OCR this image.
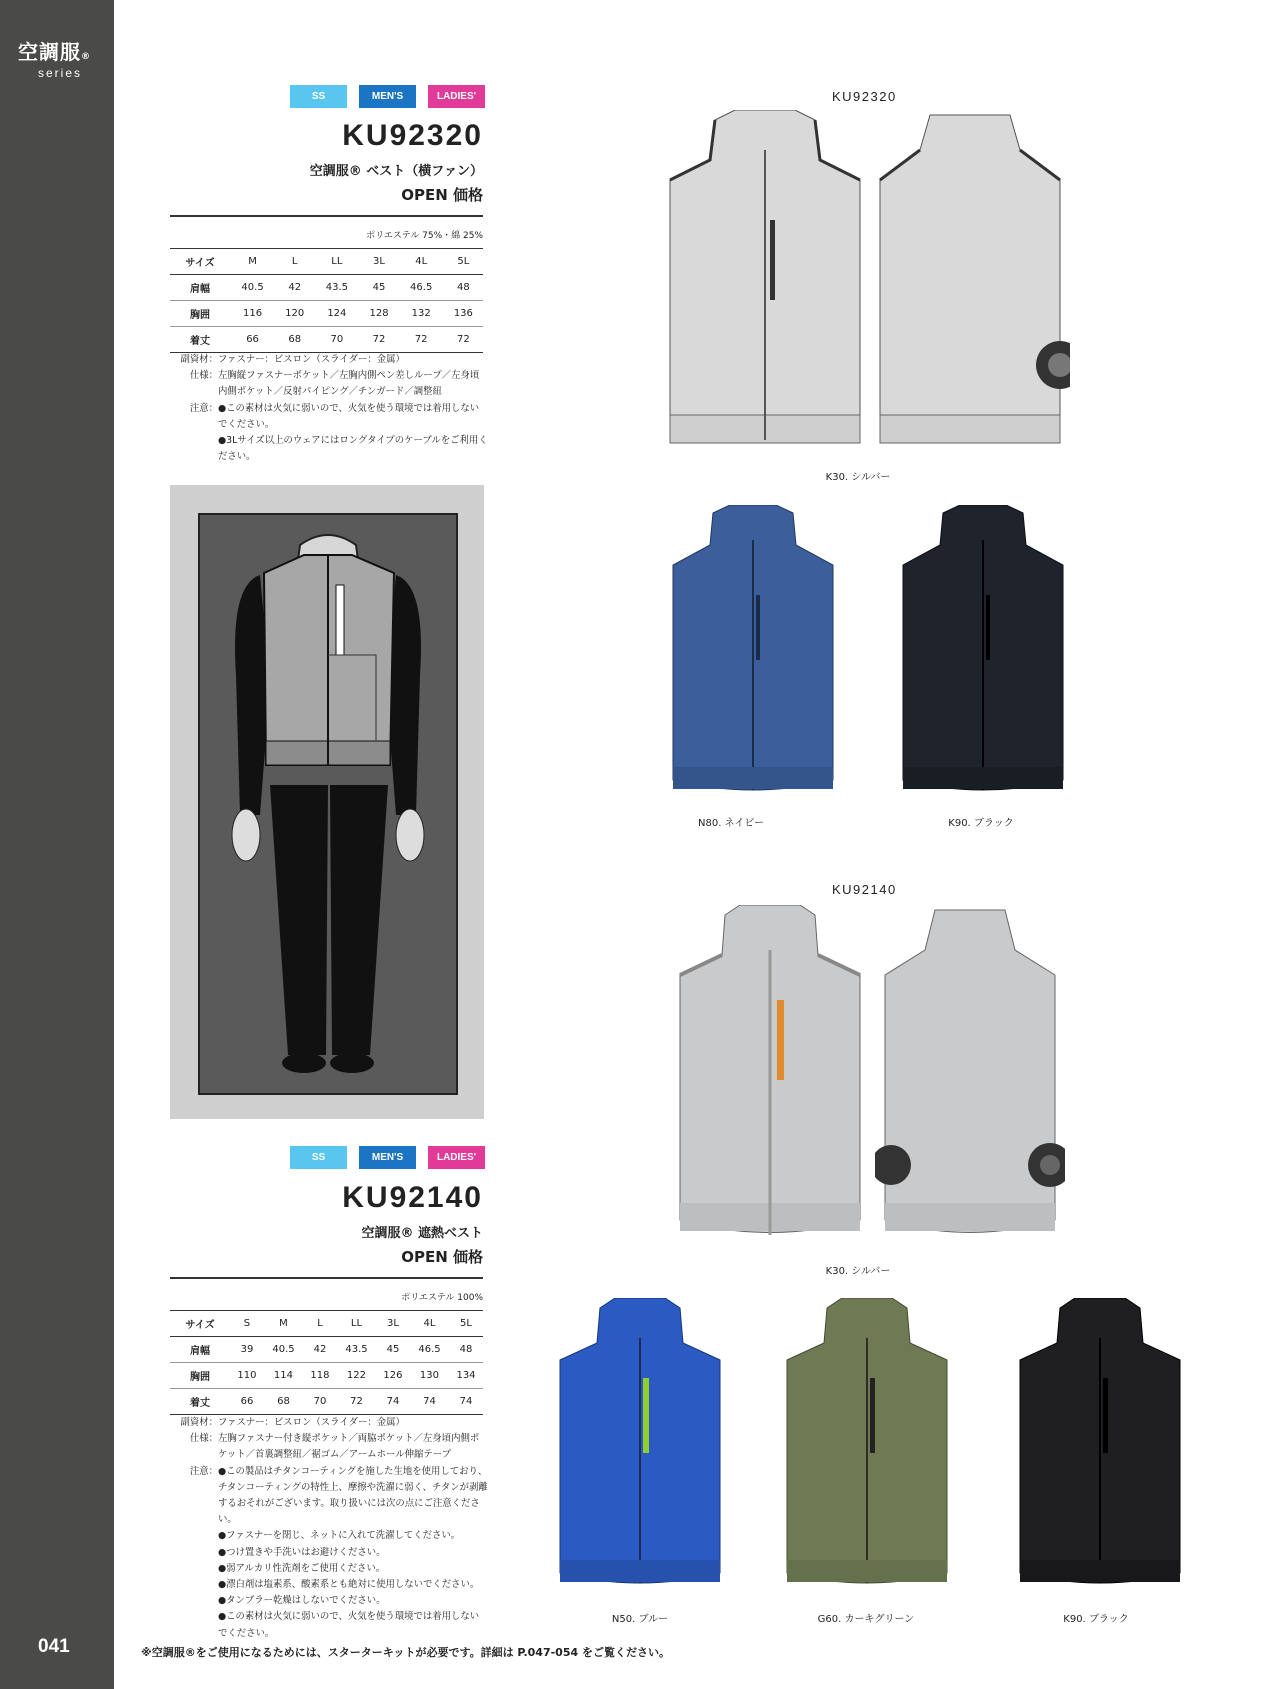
空調服®
series
041
SS	MEN'S	LADIES'
KU92320
空調服® ベスト（横ファン）
OPEN 価格
ポリエステル 75%・綿 25%
サイズ	M	L	LL	3L	4L	5L
肩幅	40.5	42	43.5	45	46.5	48
胸囲	116	120	124	128	132	136
着丈	66	68	70	72	72	72
副資材： ファスナー：ビスロン（スライダー：金属）
仕様： 左胸縦ファスナーポケット／左胸内側ペン差しループ／左身頃内側ポケット／反射パイピング／チンガード／調整紐
注意： ●この素材は火気に弱いので、火気を使う環境では着用しないでください。
●3Lサイズ以上のウェアにはロングタイプのケーブルをご利用ください。
SS	MEN'S	LADIES'
KU92140
空調服® 遮熱ベスト
OPEN 価格
ポリエステル 100%
サイズ	S	M	L	LL	3L	4L	5L
肩幅	39	40.5	42	43.5	45	46.5	48
胸囲	110	114	118	122	126	130	134
着丈	66	68	70	72	74	74	74
副資材： ファスナー：ビスロン（スライダー：金属）
仕様： 左胸ファスナー付き縦ポケット／両脇ポケット／左身頃内側ポケット／首裏調整紐／裾ゴム／アームホール伸縮テープ
注意： ●この製品はチタンコーティングを施した生地を使用しており、チタンコーティングの特性上、摩擦や洗濯に弱く、チタンが剥離するおそれがございます。取り扱いには次の点にご注意ください。
●ファスナーを閉じ、ネットに入れて洗濯してください。
●つけ置きや手洗いはお避けください。
●弱アルカリ性洗剤をご使用ください。
●漂白剤は塩素系、酸素系とも絶対に使用しないでください。
●タンブラー乾燥はしないでください。
●この素材は火気に弱いので、火気を使う環境では着用しないでください。
KU92320
K30. シルバー
N80. ネイビー	K90. ブラック
KU92140
K30. シルバー
N50. ブルー	G60. カーキグリーン	K90. ブラック
※空調服®をご使用になるためには、スターターキットが必要です。詳細は P.047-054 をご覧ください。
